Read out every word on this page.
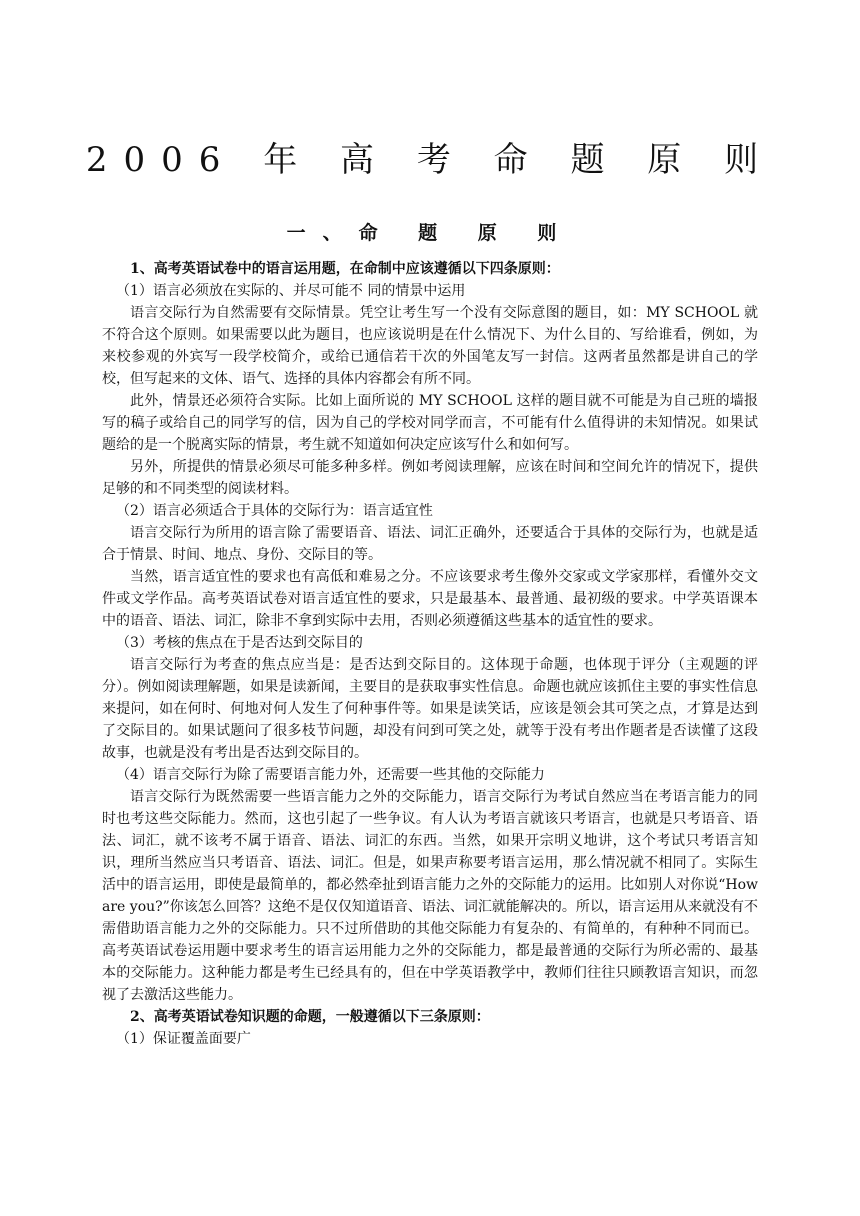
2006 年 高 考 命 题 原 则
一、命 题 原 则

1、高考英语试卷中的语言运用题，在命制中应该遵循以下四条原则：

（1）语言必须放在实际的、并尽可能不 同的情景中运用

语言交际行为自然需要有交际情景。凭空让考生写一个没有交际意图的题目，如：MY SCHOOL 就不符合这个原则。如果需要以此为题目，也应该说明是在什么情况下、为什么目的、写给谁看，例如，为来校参观的外宾写一段学校简介，或给已通信若干次的外国笔友写一封信。这两者虽然都是讲自己的学校，但写起来的文体、语气、选择的具体内容都会有所不同。

此外，情景还必须符合实际。比如上面所说的 MY SCHOOL 这样的题目就不可能是为自己班的墙报写的稿子或给自己的同学写的信，因为自己的学校对同学而言，不可能有什么值得讲的未知情况。如果试题给的是一个脱离实际的情景，考生就不知道如何决定应该写什么和如何写。

另外，所提供的情景必须尽可能多种多样。例如考阅读理解，应该在时间和空间允许的情况下，提供足够的和不同类型的阅读材料。

（2）语言必须适合于具体的交际行为：语言适宜性

语言交际行为所用的语言除了需要语音、语法、词汇正确外，还要适合于具体的交际行为，也就是适合于情景、时间、地点、身份、交际目的等。

当然，语言适宜性的要求也有高低和难易之分。不应该要求考生像外交家或文学家那样，看懂外交文件或文学作品。高考英语试卷对语言适宜性的要求，只是最基本、最普通、最初级的要求。中学英语课本中的语音、语法、词汇，除非不拿到实际中去用，否则必须遵循这些基本的适宜性的要求。

（3）考核的焦点在于是否达到交际目的

语言交际行为考查的焦点应当是：是否达到交际目的。这体现于命题，也体现于评分（主观题的评分）。例如阅读理解题，如果是读新闻，主要目的是获取事实性信息。命题也就应该抓住主要的事实性信息来提问，如在何时、何地对何人发生了何种事件等。如果是读笑话，应该是领会其可笑之点，才算是达到了交际目的。如果试题问了很多枝节问题，却没有问到可笑之处，就等于没有考出作题者是否读懂了这段故事，也就是没有考出是否达到交际目的。

（4）语言交际行为除了需要语言能力外，还需要一些其他的交际能力

语言交际行为既然需要一些语言能力之外的交际能力，语言交际行为考试自然应当在考语言能力的同时也考这些交际能力。然而，这也引起了一些争议。有人认为考语言就该只考语言，也就是只考语音、语法、词汇，就不该考不属于语音、语法、词汇的东西。当然，如果开宗明义地讲，这个考试只考语言知识，理所当然应当只考语音、语法、词汇。但是，如果声称要考语言运用，那么情况就不相同了。实际生活中的语言运用，即使是最简单的，都必然牵扯到语言能力之外的交际能力的运用。比如别人对你说“How are you?”你该怎么回答？这绝不是仅仅知道语音、语法、词汇就能解决的。所以，语言运用从来就没有不需借助语言能力之外的交际能力。只不过所借助的其他交际能力有复杂的、有简单的，有种种不同而已。高考英语试卷运用题中要求考生的语言运用能力之外的交际能力，都是最普通的交际行为所必需的、最基本的交际能力。这种能力都是考生已经具有的，但在中学英语教学中，教师们往往只顾教语言知识，而忽视了去激活这些能力。

2、高考英语试卷知识题的命题，一般遵循以下三条原则：

（1）保证覆盖面要广
